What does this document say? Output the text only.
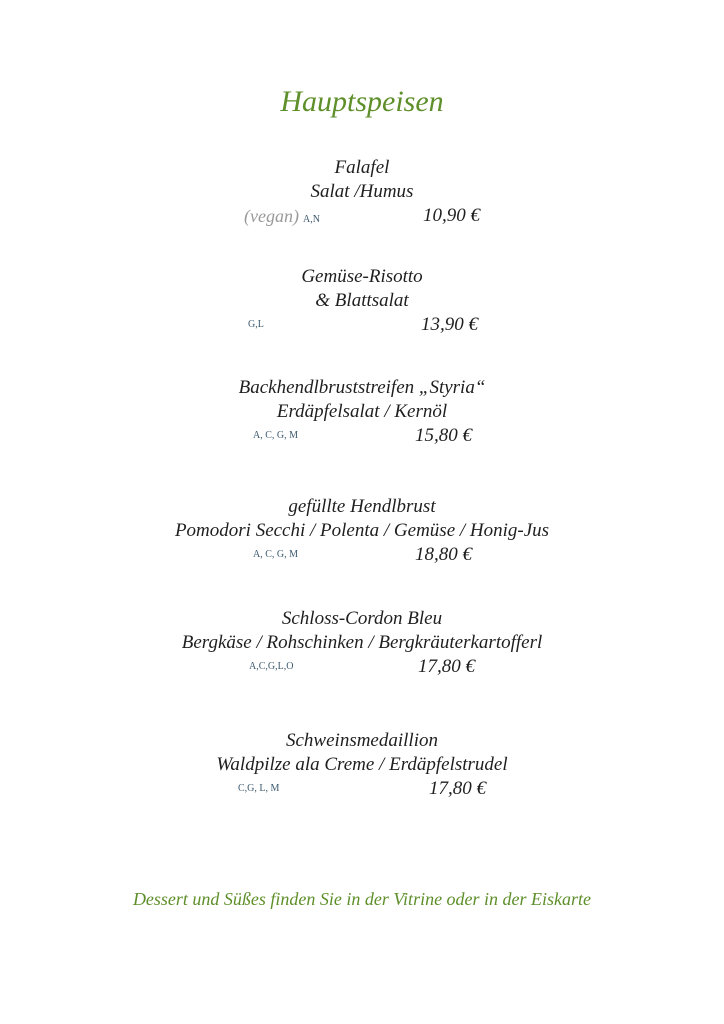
Hauptspeisen
Falafel
Salat /Humus
(vegan) A,N	10,90 €
Gemüse-Risotto
& Blattsalat
G,L	13,90 €
Backhendlbruststreifen „Styria“
Erdäpfelsalat / Kernöl
A, C, G, M	15,80 €
gefüllte Hendlbrust
Pomodori Secchi / Polenta / Gemüse / Honig-Jus
A, C, G, M	18,80 €
Schloss-Cordon Bleu
Bergkäse / Rohschinken / Bergkräuterkartofferl
A,C,G,L,O	17,80 €
Schweinsmedaillion
Waldpilze ala Creme / Erdäpfelstrudel
C,G, L, M	17,80 €
Dessert und Süßes finden Sie in der Vitrine oder in der Eiskarte
